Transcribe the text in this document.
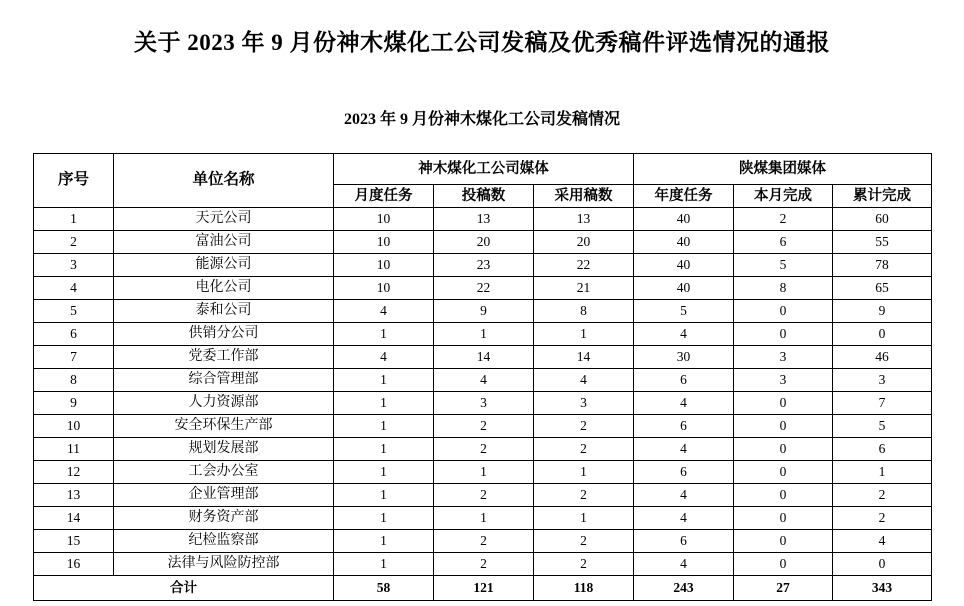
关于 2023 年 9 月份神木煤化工公司发稿及优秀稿件评选情况的通报
2023 年 9 月份神木煤化工公司发稿情况
序号	单位名称	神木煤化工公司媒体			陕煤集团媒体		
		月度任务	投稿数	采用稿数	年度任务	本月完成	累计完成
1	天元公司	10	13	13	40	2	60
2	富油公司	10	20	20	40	6	55
3	能源公司	10	23	22	40	5	78
4	电化公司	10	22	21	40	8	65
5	泰和公司	4	9	8	5	0	9
6	供销分公司	1	1	1	4	0	0
7	党委工作部	4	14	14	30	3	46
8	综合管理部	1	4	4	6	3	3
9	人力资源部	1	3	3	4	0	7
10	安全环保生产部	1	2	2	6	0	5
11	规划发展部	1	2	2	4	0	6
12	工会办公室	1	1	1	6	0	1
13	企业管理部	1	2	2	4	0	2
14	财务资产部	1	1	1	4	0	2
15	纪检监察部	1	2	2	6	0	4
16	法律与风险防控部	1	2	2	4	0	0
合计		58	121	118	243	27	343
